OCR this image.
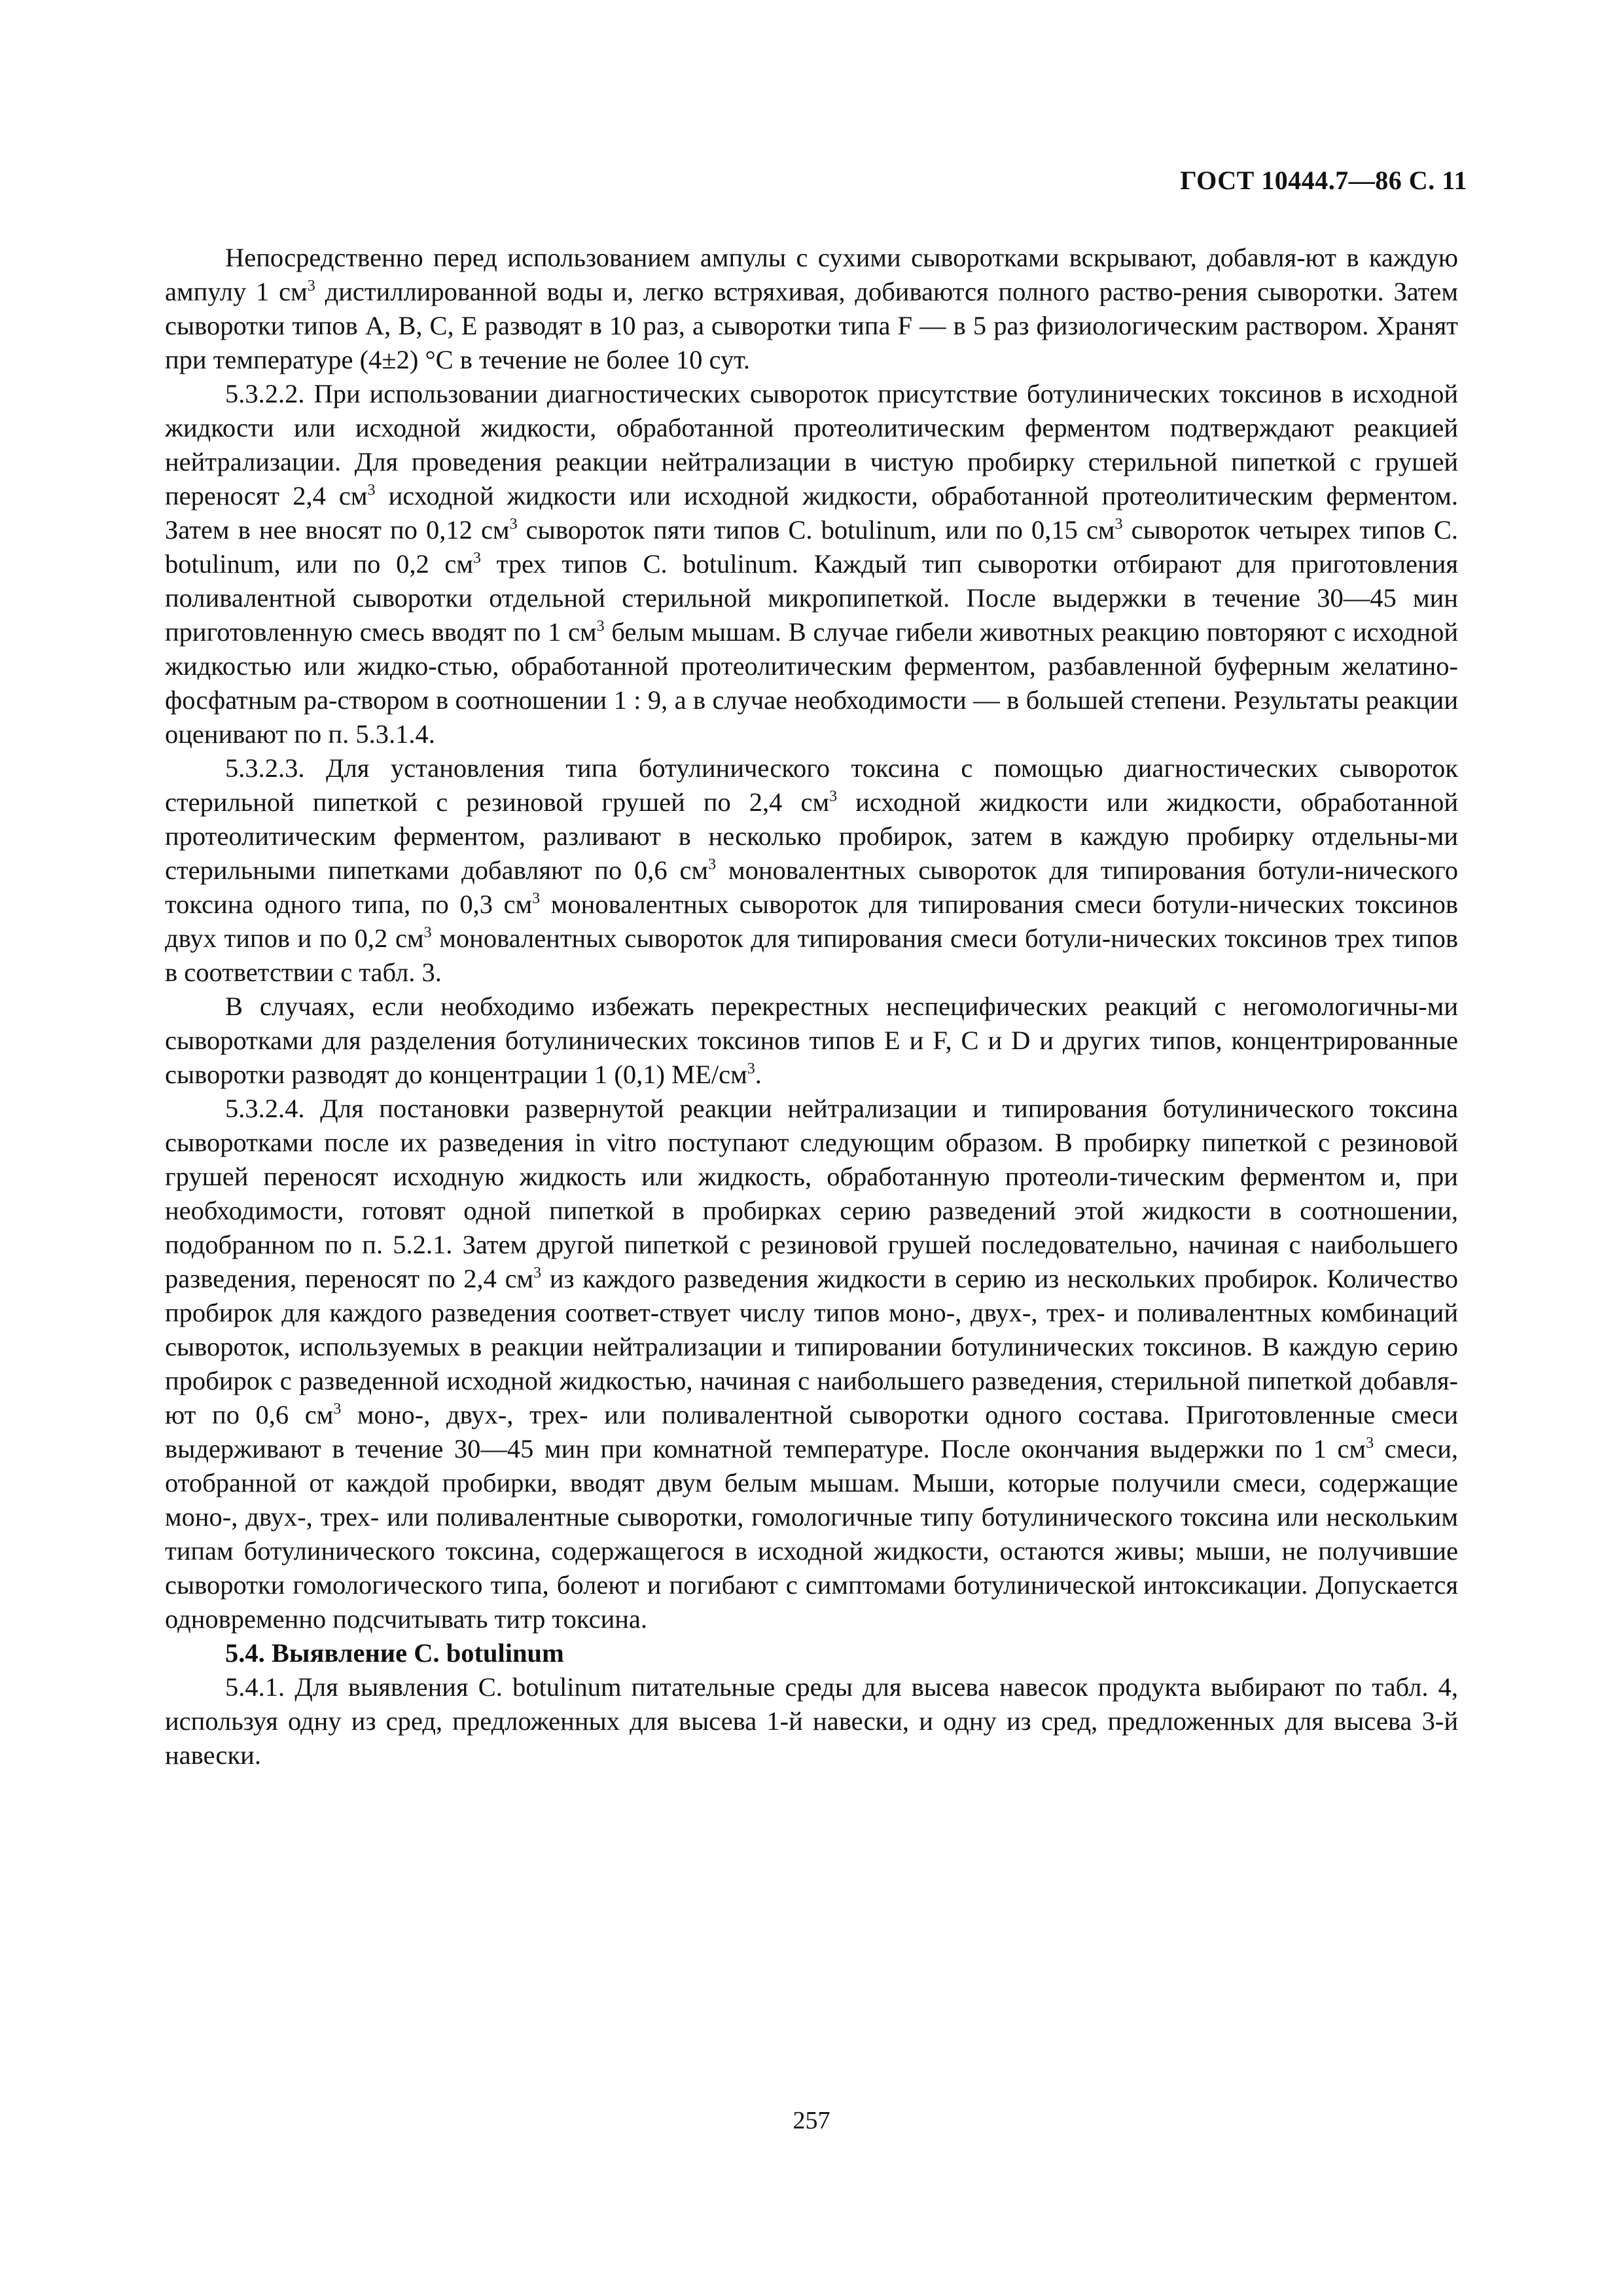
ГОСТ 10444.7—86 С. 11

Непосредственно перед использованием ампулы с сухими сыворотками вскрывают, добавля-ют в каждую ампулу 1 $см^3$ дистиллированной воды и, легко встряхивая, добиваются полного раство-рения сыворотки. Затем сыворотки типов А, В, С, Е разводят в 10 раз, а сыворотки типа F — в 5 раз физиологическим раствором. Хранят при температуре (4±2) °С в течение не более 10 сут.

5.3.2.2. При использовании диагностических сывороток присутствие ботулинических токсинов в исходной жидкости или исходной жидкости, обработанной протеолитическим ферментом подтверждают реакцией нейтрализации. Для проведения реакции нейтрализации в чистую пробирку стерильной пипеткой с грушей переносят 2,4 $см^3$ исходной жидкости или исходной жидкости, обработанной протеолитическим ферментом. Затем в нее вносят по 0,12 $см^3$ сывороток пяти типов С. botulinum, или по 0,15 $см^3$ сывороток четырех типов С. botulinum, или по 0,2 $см^3$ трех типов С. botulinum. Каждый тип сыворотки отбирают для приготовления поливалентной сыворотки отдельной стерильной микропипеткой. После выдержки в течение 30—45 мин приготовленную смесь вводят по 1 $см^3$ белым мышам. В случае гибели животных реакцию повторяют с исходной жидкостью или жидко-стью, обработанной протеолитическим ферментом, разбавленной буферным желатино-фосфатным ра-створом в соотношении 1 : 9, а в случае необходимости — в большей степени. Результаты реакции оценивают по п. 5.3.1.4.

5.3.2.3. Для установления типа ботулинического токсина с помощью диагностических сывороток стерильной пипеткой с резиновой грушей по 2,4 $см^3$ исходной жидкости или жидкости, обработанной протеолитическим ферментом, разливают в несколько пробирок, затем в каждую пробирку отдельны-ми стерильными пипетками добавляют по 0,6 $см^3$ моновалентных сывороток для типирования ботули-нического токсина одного типа, по 0,3 $см^3$ моновалентных сывороток для типирования смеси ботули-нических токсинов двух типов и по 0,2 $см^3$ моновалентных сывороток для типирования смеси ботули-нических токсинов трех типов в соответствии с табл. 3.

В случаях, если необходимо избежать перекрестных неспецифических реакций с негомологичны-ми сыворотками для разделения ботулинических токсинов типов Е и F, С и D и других типов, концентрированные сыворотки разводят до концентрации 1 (0,1) $МЕ/см^3$.

5.3.2.4. Для постановки развернутой реакции нейтрализации и типирования ботулинического токсина сыворотками после их разведения in vitro поступают следующим образом. В пробирку пипеткой с резиновой грушей переносят исходную жидкость или жидкость, обработанную протеоли-тическим ферментом и, при необходимости, готовят одной пипеткой в пробирках серию разведений этой жидкости в соотношении, подобранном по п. 5.2.1. Затем другой пипеткой с резиновой грушей последовательно, начиная с наибольшего разведения, переносят по 2,4 $см^3$ из каждого разведения жидкости в серию из нескольких пробирок. Количество пробирок для каждого разведения соответ-ствует числу типов моно-, двух-, трех- и поливалентных комбинаций сывороток, используемых в реакции нейтрализации и типировании ботулинических токсинов. В каждую серию пробирок с разведенной исходной жидкостью, начиная с наибольшего разведения, стерильной пипеткой добавля-ют по 0,6 $см^3$ моно-, двух-, трех- или поливалентной сыворотки одного состава. Приготовленные смеси выдерживают в течение 30—45 мин при комнатной температуре. После окончания выдержки по 1 $см^3$ смеси, отобранной от каждой пробирки, вводят двум белым мышам. Мыши, которые получили смеси, содержащие моно-, двух-, трех- или поливалентные сыворотки, гомологичные типу ботулинического токсина или нескольким типам ботулинического токсина, содержащегося в исходной жидкости, остаются живы; мыши, не получившие сыворотки гомологического типа, болеют и погибают с симптомами ботулинической интоксикации. Допускается одновременно подсчитывать титр токсина.

5.4. Выявление C. botulinum

5.4.1. Для выявления С. botulinum питательные среды для высева навесок продукта выбирают по табл. 4, используя одну из сред, предложенных для высева 1-й навески, и одну из сред, предложенных для высева 3-й навески.

257
